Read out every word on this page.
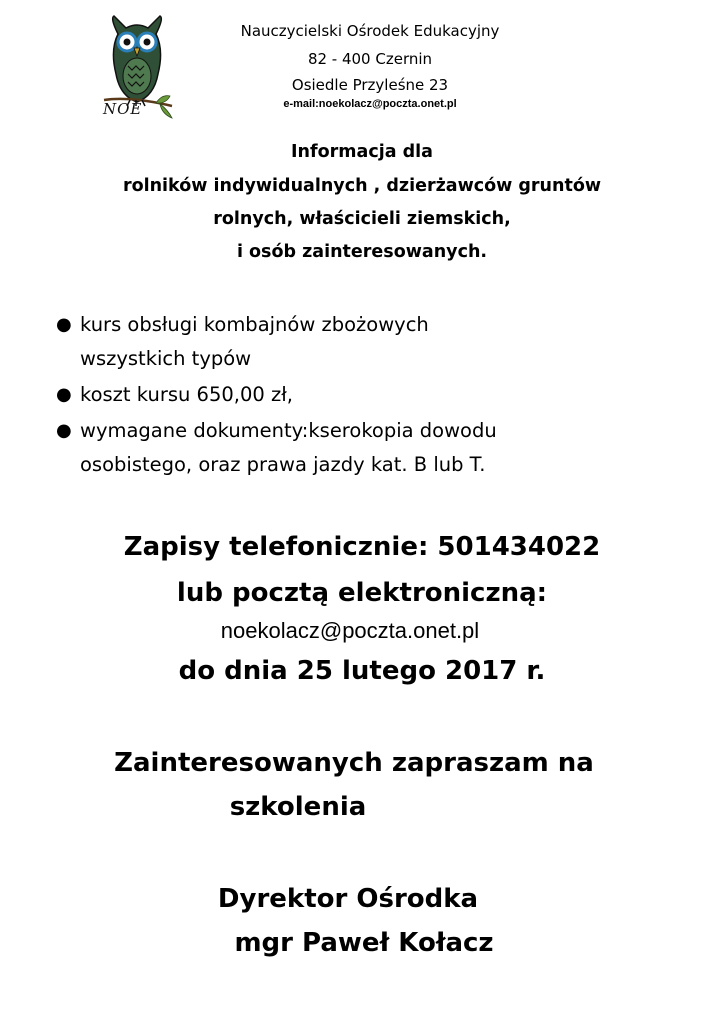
NOE
Nauczycielski Ośrodek Edukacyjny
82 - 400 Czernin
Osiedle Przyleśne 23
e-mail:noekolacz@poczta.onet.pl
Informacja dla
rolników indywidualnych , dzierżawców gruntów
rolnych, właścicieli ziemskich,
i osób zainteresowanych.
● kurs obsługi kombajnów zbożowych
wszystkich typów
● koszt kursu 650,00 zł,
● wymagane dokumenty:kserokopia dowodu
osobistego, oraz prawa jazdy kat. B lub T.
Zapisy telefonicznie: 501434022
lub pocztą elektroniczną:
noekolacz@poczta.onet.pl
do dnia 25 lutego 2017 r.
Zainteresowanych zapraszam na
szkolenia
Dyrektor Ośrodka
mgr Paweł Kołacz
